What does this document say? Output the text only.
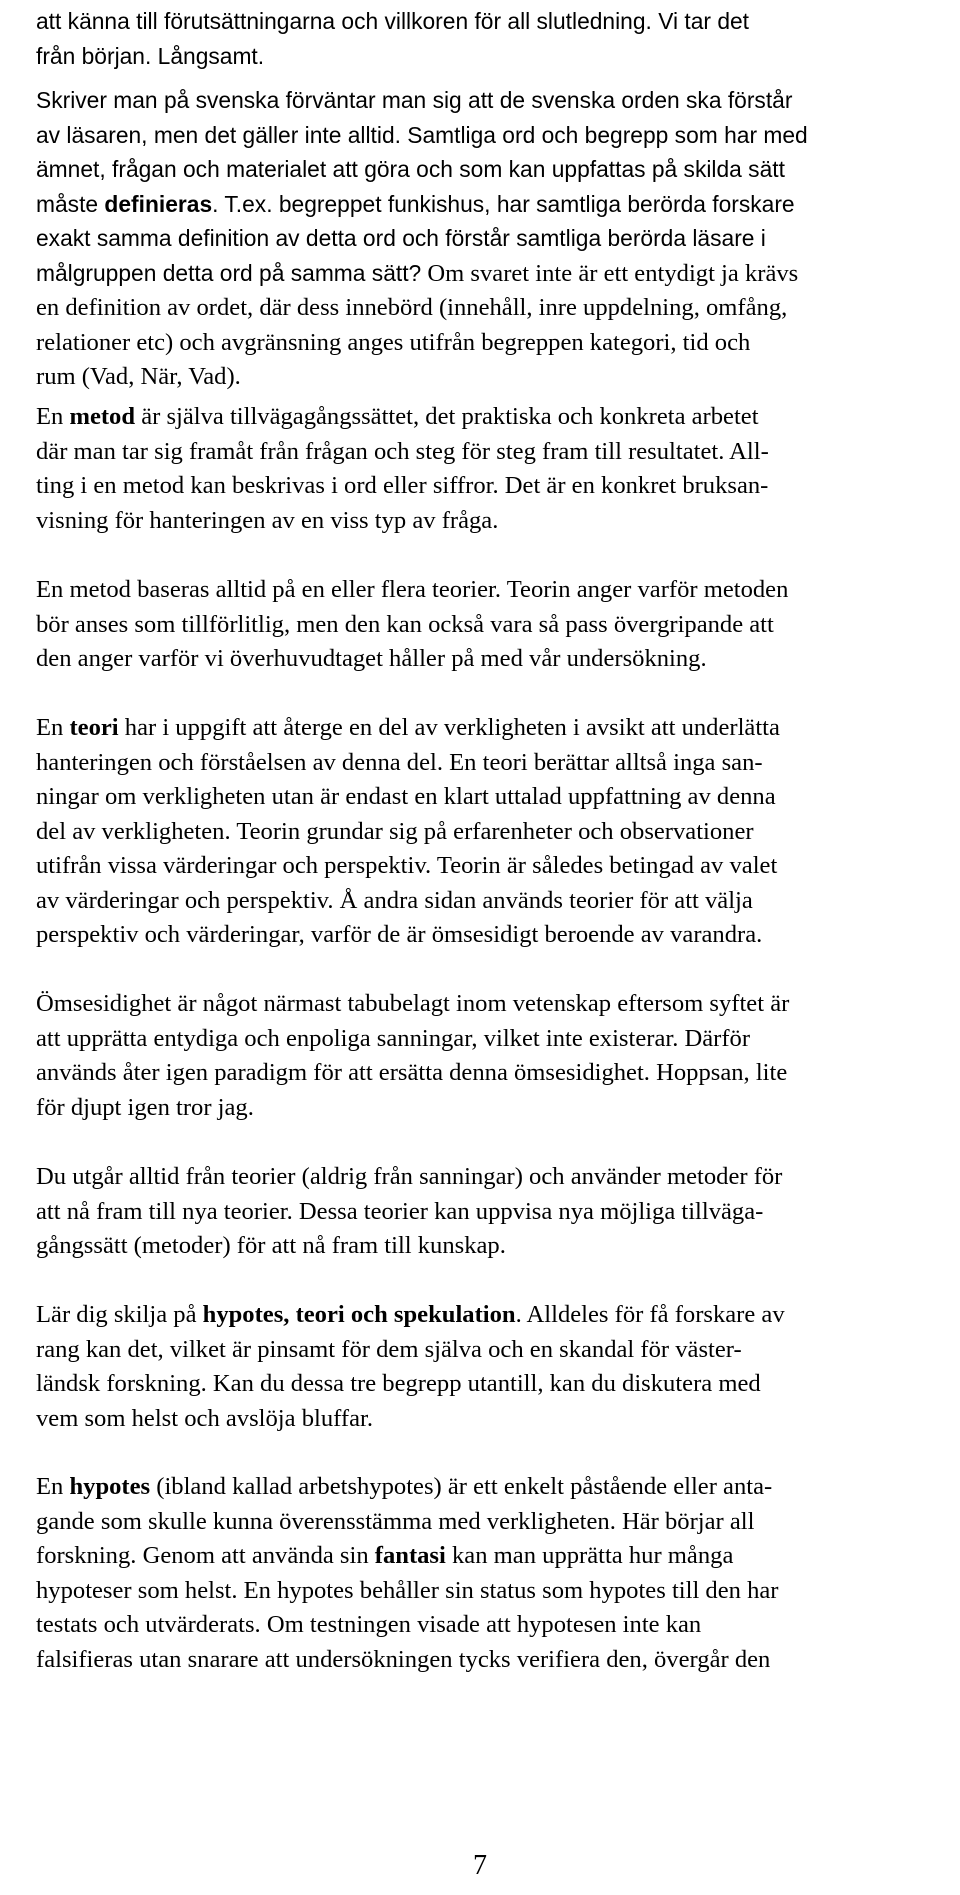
att känna till förutsättningarna och villkoren för all slutledning. Vi tar det
från början. Långsamt.
Skriver man på svenska förväntar man sig att de svenska orden ska förstår
av läsaren, men det gäller inte alltid. Samtliga ord och begrepp som har med
ämnet, frågan och materialet att göra och som kan uppfattas på skilda sätt
måste definieras. T.ex. begreppet funkishus, har samtliga berörda forskare
exakt samma definition av detta ord och förstår samtliga berörda läsare i
målgruppen detta ord på samma sätt? Om svaret inte är ett entydigt ja krävs
en definition av ordet, där dess innebörd (innehåll, inre uppdelning, omfång,
relationer etc) och avgränsning anges utifrån begreppen kategori, tid och
rum (Vad, När, Vad).
En metod är själva tillvägagångssättet, det praktiska och konkreta arbetet
där man tar sig framåt från frågan och steg för steg fram till resultatet. All-
ting i en metod kan beskrivas i ord eller siffror. Det är en konkret bruksan-
visning för hanteringen av en viss typ av fråga.
En metod baseras alltid på en eller flera teorier. Teorin anger varför metoden
bör anses som tillförlitlig, men den kan också vara så pass övergripande att
den anger varför vi överhuvudtaget håller på med vår undersökning.
En teori har i uppgift att återge en del av verkligheten i avsikt att underlätta
hanteringen och förståelsen av denna del. En teori berättar alltså inga san-
ningar om verkligheten utan är endast en klart uttalad uppfattning av denna
del av verkligheten. Teorin grundar sig på erfarenheter och observationer
utifrån vissa värderingar och perspektiv. Teorin är således betingad av valet
av värderingar och perspektiv. Å andra sidan används teorier för att välja
perspektiv och värderingar, varför de är ömsesidigt beroende av varandra.
Ömsesidighet är något närmast tabubelagt inom vetenskap eftersom syftet är
att upprätta entydiga och enpoliga sanningar, vilket inte existerar. Därför
används åter igen paradigm för att ersätta denna ömsesidighet. Hoppsan, lite
för djupt igen tror jag.
Du utgår alltid från teorier (aldrig från sanningar) och använder metoder för
att nå fram till nya teorier. Dessa teorier kan uppvisa nya möjliga tillväga-
gångssätt (metoder) för att nå fram till kunskap.
Lär dig skilja på hypotes, teori och spekulation. Alldeles för få forskare av
rang kan det, vilket är pinsamt för dem själva och en skandal för väster-
ländsk forskning. Kan du dessa tre begrepp utantill, kan du diskutera med
vem som helst och avslöja bluffar.
En hypotes (ibland kallad arbetshypotes) är ett enkelt påstående eller anta-
gande som skulle kunna överensstämma med verkligheten. Här börjar all
forskning. Genom att använda sin fantasi kan man upprätta hur många
hypoteser som helst. En hypotes behåller sin status som hypotes till den har
testats och utvärderats. Om testningen visade att hypotesen inte kan
falsifieras utan snarare att undersökningen tycks verifiera den, övergår den
7
